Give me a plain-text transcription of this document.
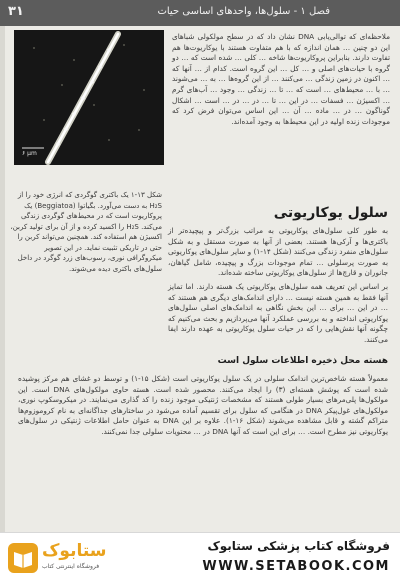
فصل ۱ - سلول‌ها، واحدهای اساسی حیات
۳۱

ملاحظه‌ای که توالی‌یابی DNA نشان داد که در سطح مولکولی شباهای این دو چنین … همان اندازه که با هم متفاوت هستند با یوکاریوت‌ها هم تفاوت دارند. بنابراین پروکاریوت‌ها شاخه … کلی … شده است که … دو گروه با حیات‌های اصلی و … کل … این گروه است. کدام از … آنها که … اکنون در زمین زندگی … می‌کنند … از این گروه‌ها … به … می‌شوند … با … محیط‌های … است که … تا … زندگی … وجود … آب‌های گرم … اکسیژن … فسفات … در این … تا … در … در … است … اشکال گوناگون … در … ماده … آن … این اساس می‌توان فرض کرد که موجودات زنده اولیه در این محیط‌ها به وجود آمده‌اند.

۶ μm

شکل ۱۳-۱ یک باکتری گوگردی که انرژی خود را از H₂S به دست می‌آورد. بگیاتوا (Beggiatoa) یک پروکاریوت است که در محیط‌های گوگردی زندگی می‌کند. H₂S را اکسید کرده و از آن برای تولید کربن، اکسیژن هم استفاده کند. همچنین می‌تواند کربن را حتی در تاریکی تثبیت نماید. در این تصویر میکروگرافی نوری، رسوب‌های زرد گوگرد در داخل سلول‌های باکتری دیده می‌شوند.

سلول یوکاریوتی

به طور کلی سلول‌های یوکاریوتی به مراتب بزرگ‌تر و پیچیده‌تر از باکتری‌ها و آرکی‌ها هستند. بعضی از آنها به صورت مستقل و به شکل سلول‌های منفرد زندگی می‌کنند (شکل ۱۴-۱) و سایر سلول‌های یوکاریوتی به صورت پرسلولی … تمام موجودات بزرگ و پیچیده، شامل گیاهان، جانوران و قارچ‌ها از سلول‌های یوکاریوتی ساخته شده‌اند.

بر اساس این تعریف همه سلول‌های یوکاریوتی یک هسته دارند. اما تمایز آنها فقط به همین هسته نیست … دارای اندامک‌های دیگری هم هستند که … در این … برای … این بخش نگاهی به اندامک‌های اصلی سلول‌های یوکاریوتی انداخته و به بررسی عملکرد آنها می‌پردازیم و بحث می‌کنیم که چگونه آنها نقش‌هایی را که در حیات سلول یوکاریوتی به عهده دارند ایفا می‌کنند.

هسته محل ذخیره اطلاعات سلول است

معمولاً هسته شاخص‌ترین اندامک سلولی در یک سلول یوکاریوتی است (شکل ۱۵-۱) و توسط دو غشای هم مرکز پوشیده شده است که پوشش هسته‌ای (۳) را ایجاد می‌کنند. محصور شده است. هسته حاوی مولکول‌های DNA است. این مولکول‌ها پلی‌مرهای بسیار طولی هستند که مشخصات ژنتیکی موجود زنده را کد گذاری می‌نمایند. در میکروسکوپ نوری، مولکول‌های غول‌پیکر DNA در هنگامی که سلول برای تقسیم آماده می‌شود در ساختارهای جداگانه‌ای به نام کروموزوم‌ها متراکم گشته و قابل مشاهده می‌شوند (شکل ۱۶-۱). علاوه بر این DNA به عنوان حامل اطلاعات ژنتیکی در سلول‌های یوکاریوتی نیز مطرح است. … برای این است که آنها DNA در … محتویات سلولی جدا نمی‌کنند.

ستابوک
فروشگاه اینترنتی کتاب
فروشگاه کتاب پزشکی ستابوک
WWW.SETABOOK.COM
